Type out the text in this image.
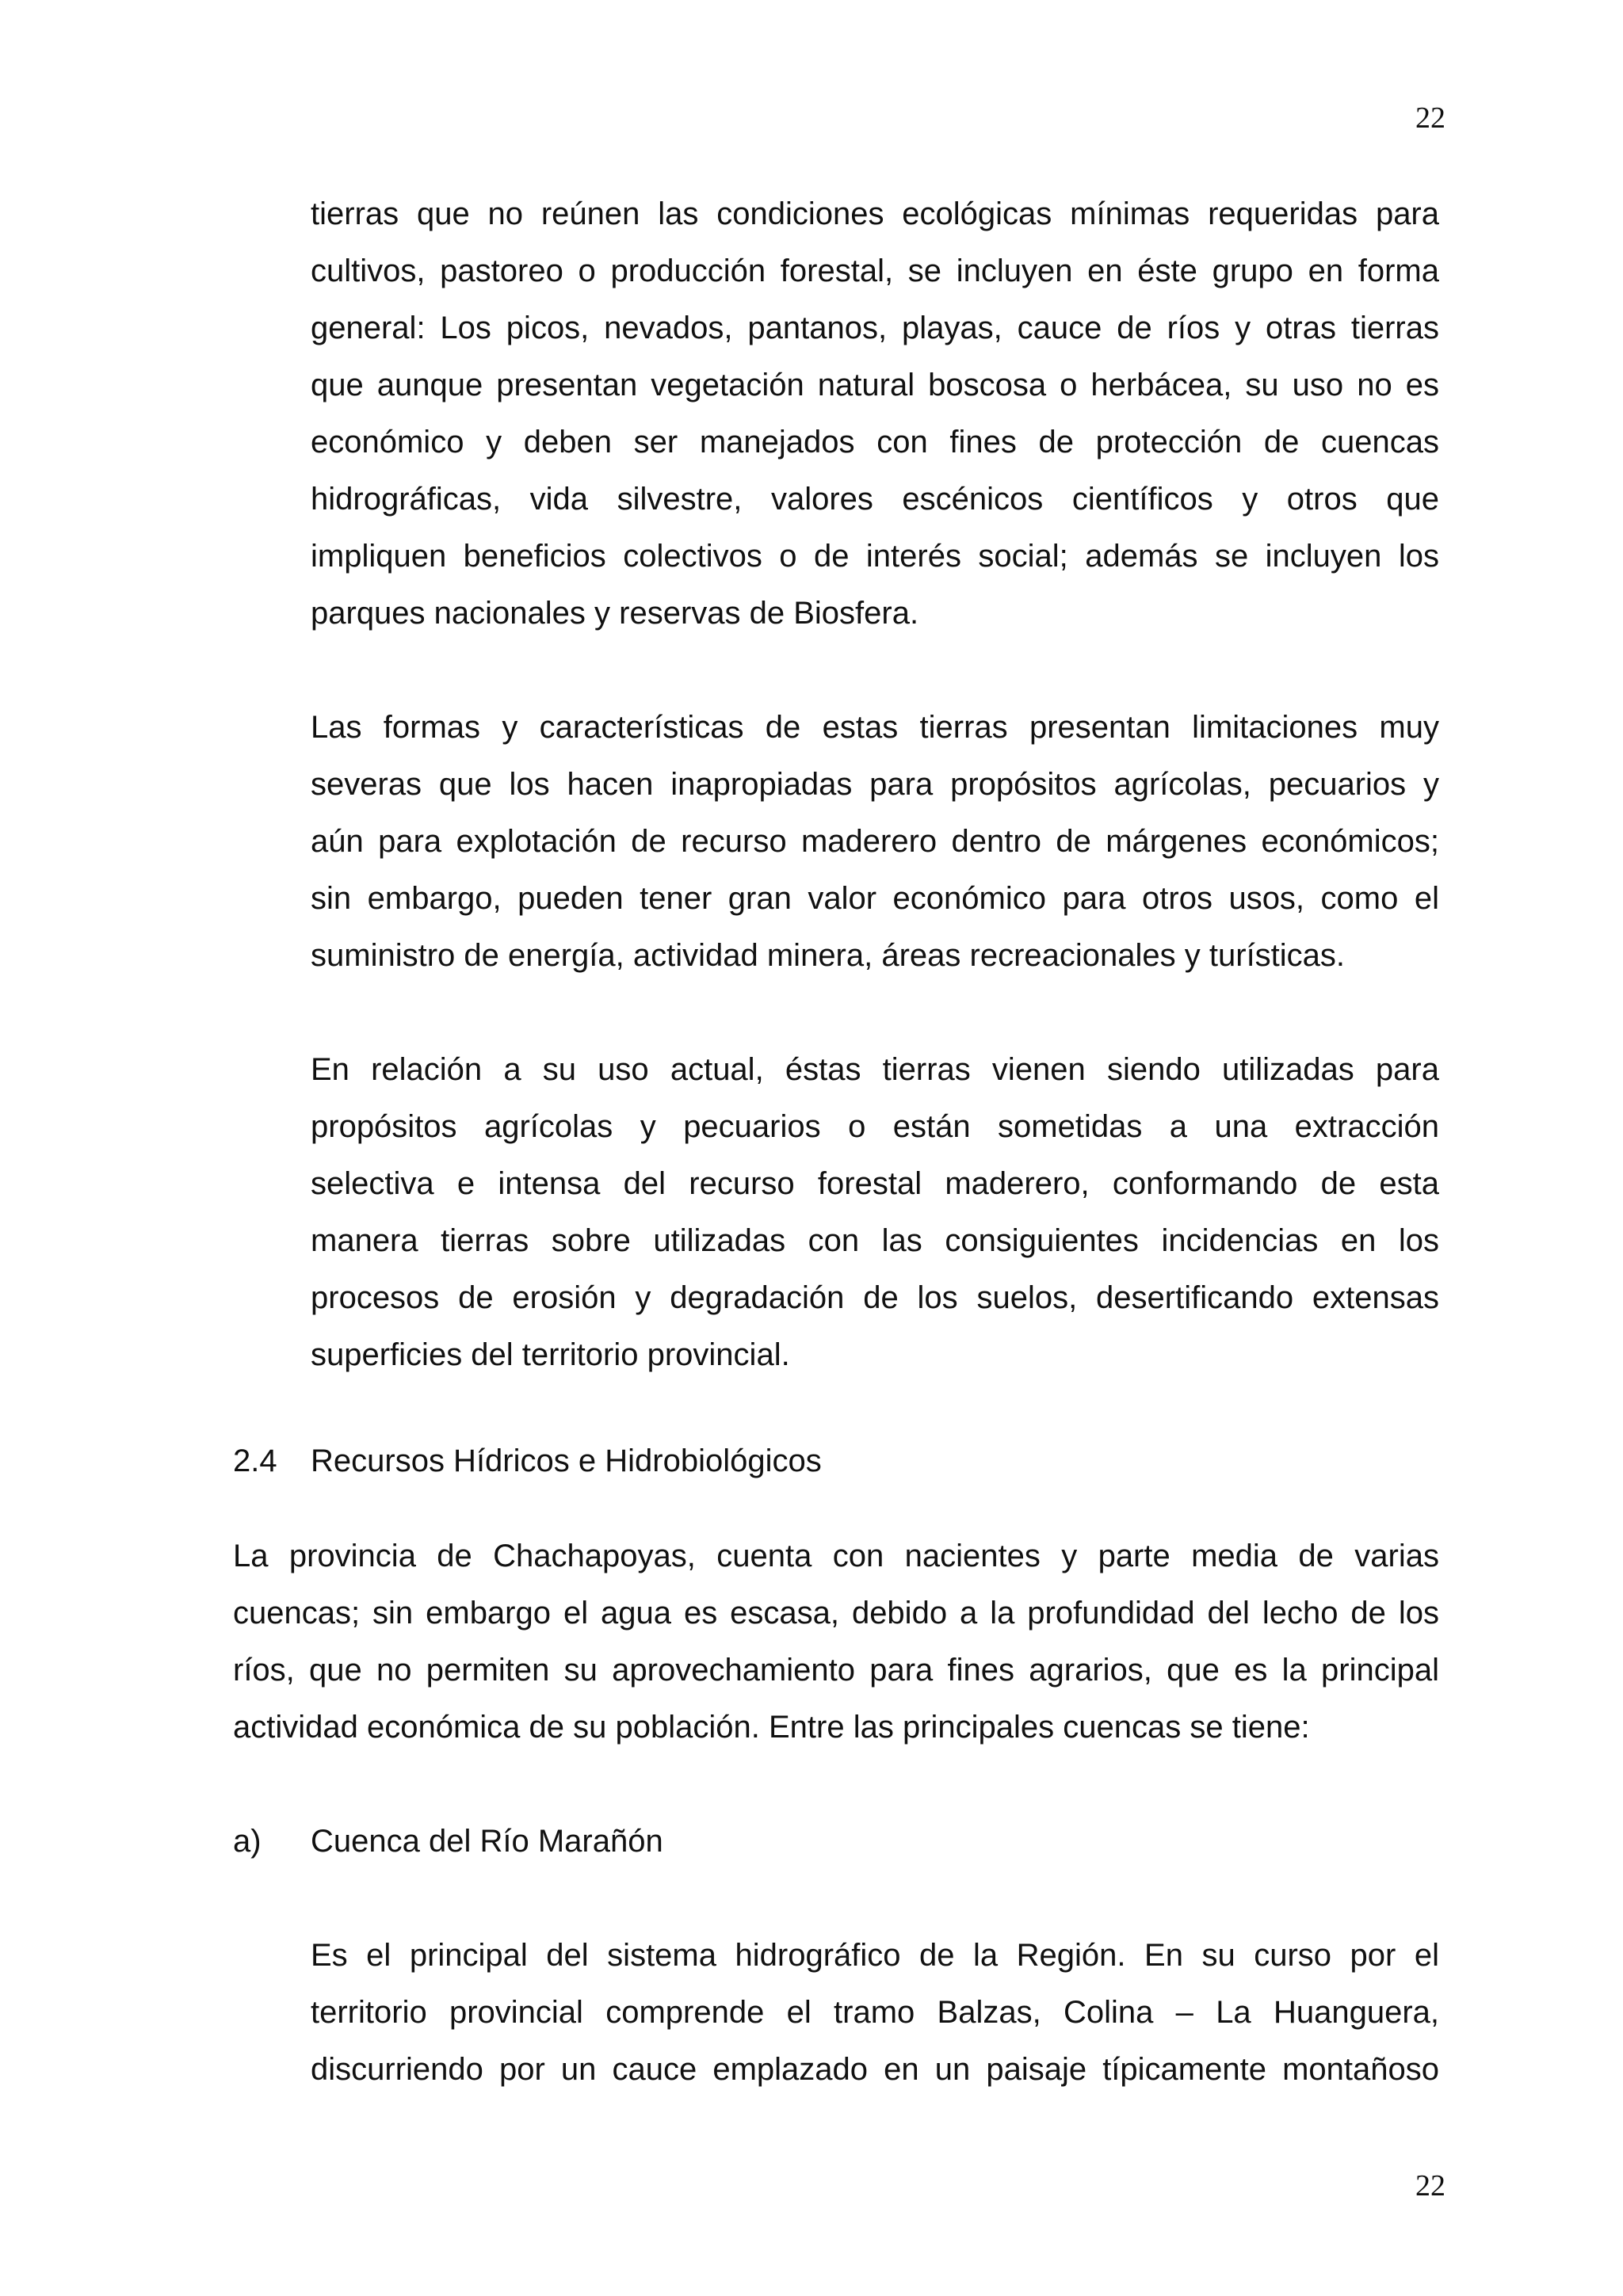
22
tierras que no reúnen las condiciones ecológicas mínimas requeridas para
cultivos, pastoreo o producción forestal, se incluyen en éste grupo en forma
general: Los picos, nevados, pantanos, playas, cauce de ríos y otras tierras
que aunque presentan vegetación natural boscosa o herbácea, su uso no es
económico y deben ser manejados con fines de protección de cuencas
hidrográficas, vida silvestre, valores escénicos científicos y otros que
impliquen beneficios colectivos o de interés social; además se incluyen los
parques nacionales y reservas de Biosfera.
Las formas y características de estas tierras presentan limitaciones muy
severas que los hacen inapropiadas para propósitos agrícolas, pecuarios y
aún para explotación de recurso maderero dentro de márgenes económicos;
sin embargo, pueden tener gran valor económico para otros usos, como el
suministro de energía, actividad minera, áreas recreacionales y turísticas.
En relación a su uso actual, éstas tierras vienen siendo utilizadas para
propósitos agrícolas y pecuarios o están sometidas a una extracción
selectiva e intensa del recurso forestal maderero, conformando de esta
manera tierras sobre utilizadas con las consiguientes incidencias en los
procesos de erosión y degradación de los suelos, desertificando extensas
superficies del territorio provincial.
2.4 Recursos Hídricos e Hidrobiológicos
La provincia de Chachapoyas, cuenta con nacientes y parte media de varias
cuencas; sin embargo el agua es escasa, debido a la profundidad del lecho de los
ríos, que no permiten su aprovechamiento para fines agrarios, que es la principal
actividad económica de su población. Entre las principales cuencas se tiene:
a) Cuenca del Río Marañón
Es el principal del sistema hidrográfico de la Región. En su curso por el
territorio provincial comprende el tramo Balzas, Colina – La Huanguera,
discurriendo por un cauce emplazado en un paisaje típicamente montañoso
22
